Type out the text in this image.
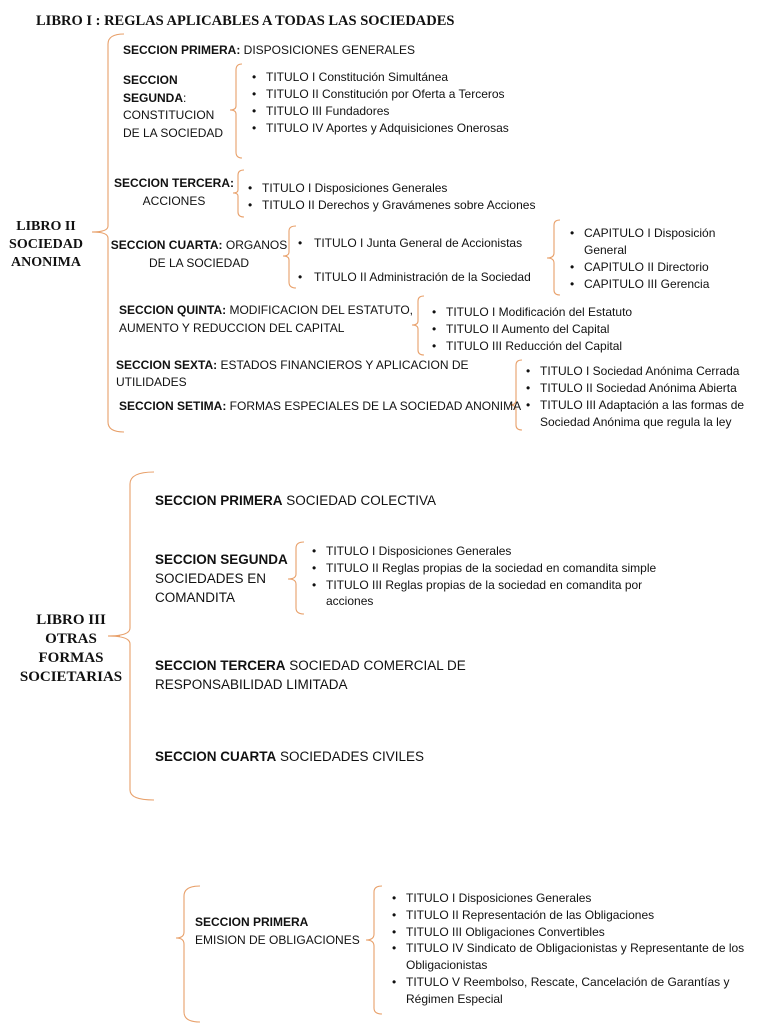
LIBRO I : REGLAS APLICABLES A TODAS LAS SOCIEDADES
LIBRO II
SOCIEDAD
ANONIMA
SECCION PRIMERA: DISPOSICIONES GENERALES
SECCION
SEGUNDA:
CONSTITUCION
DE LA SOCIEDAD
• TITULO I Constitución Simultánea
• TITULO II Constitución por Oferta a Terceros
• TITULO III Fundadores
• TITULO IV Aportes y Adquisiciones Onerosas
SECCION TERCERA:
ACCIONES
• TITULO I Disposiciones Generales
• TITULO II Derechos y Gravámenes sobre Acciones
SECCION CUARTA: ORGANOS
DE LA SOCIEDAD
• TITULO I Junta General de Accionistas
• TITULO II Administración de la Sociedad
• CAPITULO I Disposición General
• CAPITULO II Directorio
• CAPITULO III Gerencia
SECCION QUINTA: MODIFICACION DEL ESTATUTO,
AUMENTO Y REDUCCION DEL CAPITAL
• TITULO I Modificación del Estatuto
• TITULO II Aumento del Capital
• TITULO III Reducción del Capital
SECCION SEXTA: ESTADOS FINANCIEROS Y APLICACION DE
UTILIDADES
SECCION SETIMA: FORMAS ESPECIALES DE LA SOCIEDAD ANONIMA
• TITULO I Sociedad Anónima Cerrada
• TITULO II Sociedad Anónima Abierta
• TITULO III Adaptación a las formas de Sociedad Anónima que regula la ley
LIBRO III
OTRAS
FORMAS
SOCIETARIAS
SECCION PRIMERA SOCIEDAD COLECTIVA
SECCION SEGUNDA
SOCIEDADES EN
COMANDITA
• TITULO I Disposiciones Generales
• TITULO II Reglas propias de la sociedad en comandita simple
• TITULO III Reglas propias de la sociedad en comandita por acciones
SECCION TERCERA SOCIEDAD COMERCIAL DE
RESPONSABILIDAD LIMITADA
SECCION CUARTA SOCIEDADES CIVILES
SECCION PRIMERA
EMISION DE OBLIGACIONES
• TITULO I Disposiciones Generales
• TITULO II Representación de las Obligaciones
• TITULO III Obligaciones Convertibles
• TITULO IV Sindicato de Obligacionistas y Representante de los Obligacionistas
• TITULO V Reembolso, Rescate, Cancelación de Garantías y Régimen Especial
